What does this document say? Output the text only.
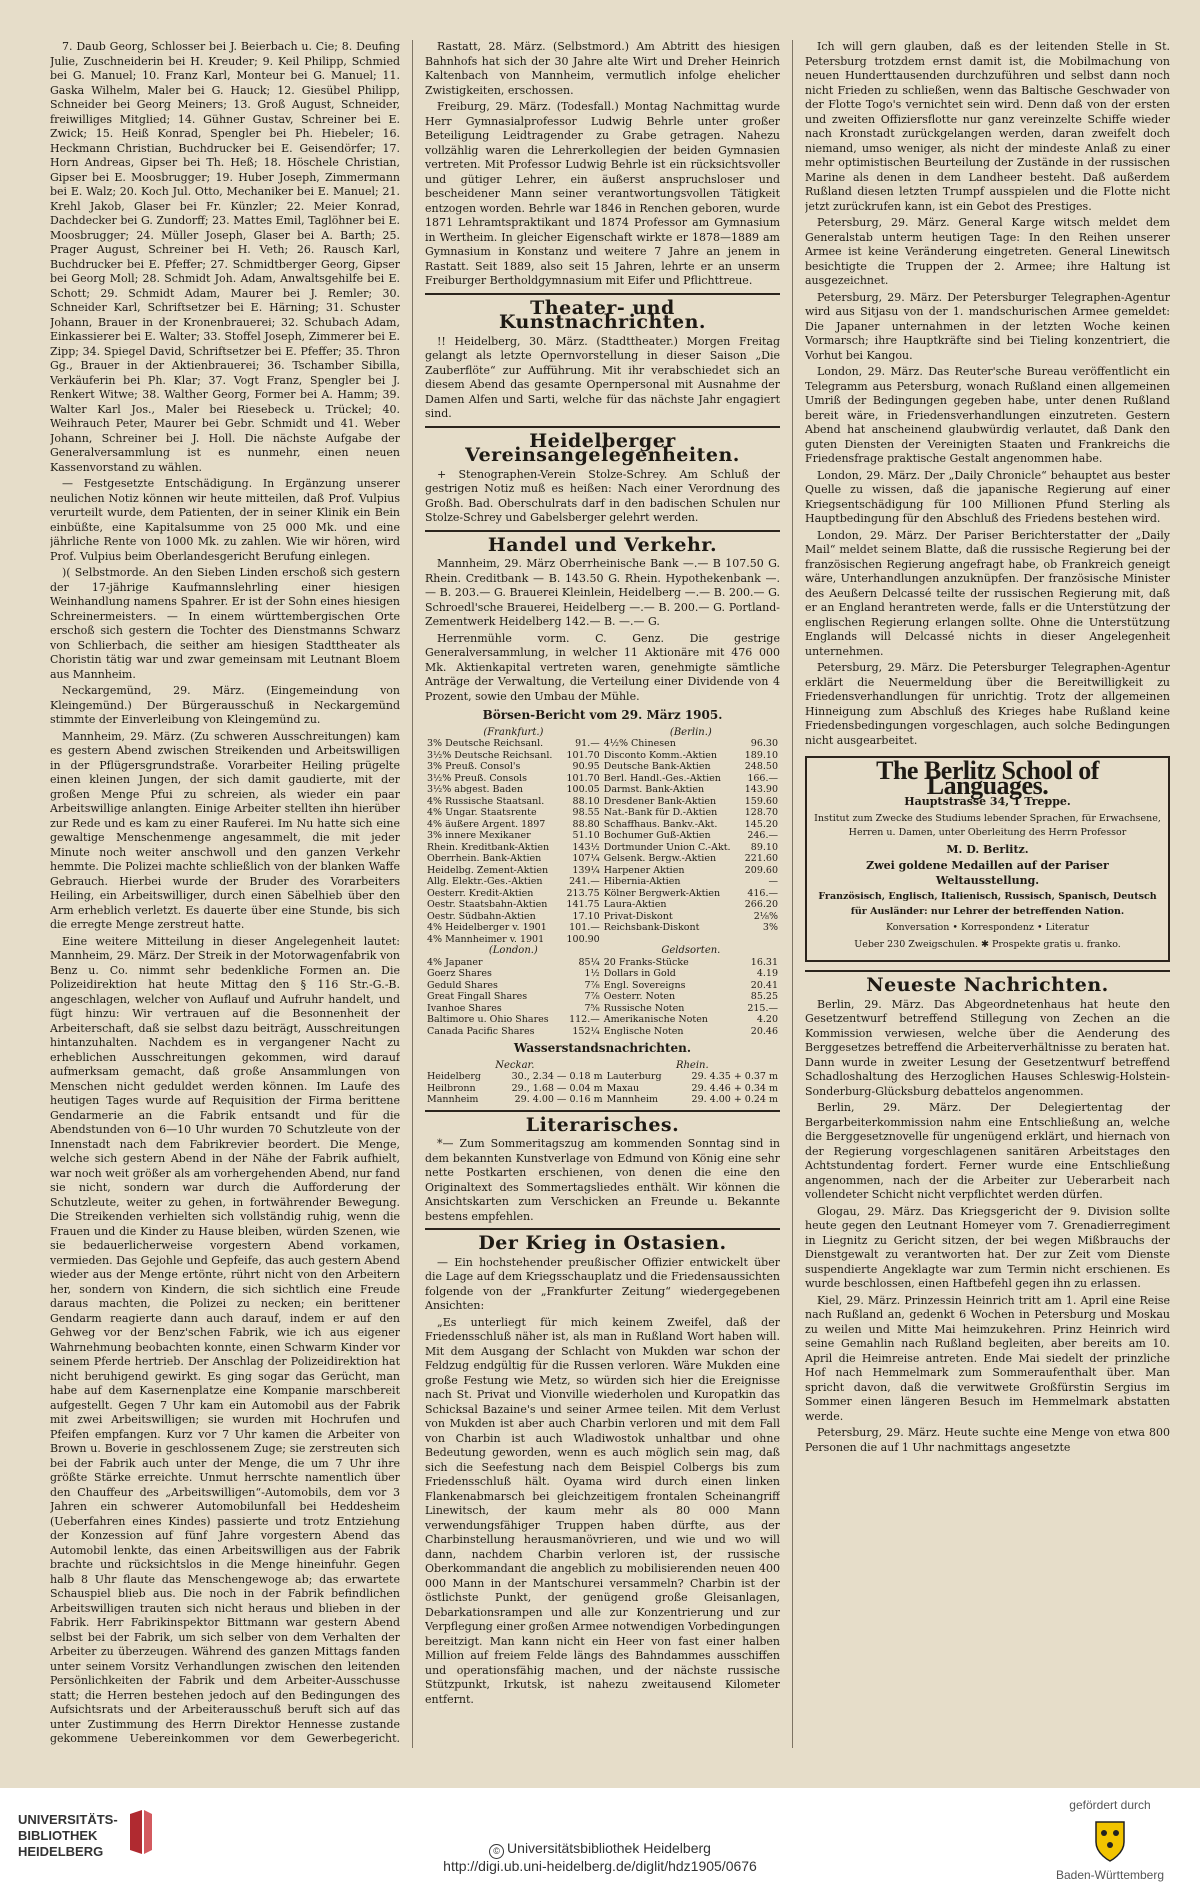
7. Daub Georg, Schlosser bei J. Beierbach u. Cie; 8. Deufing Julie, Zuschneiderin bei H. Kreuder; 9. Keil Philipp, Schmied bei G. Manuel; 10. Franz Karl, Monteur bei G. Manuel; 11. Gaska Wilhelm, Maler bei G. Hauck; 12. Giesübel Philipp, Schneider bei Georg Meiners; 13. Groß August, Schneider, freiwilliges Mitglied; 14. Gühner Gustav, Schreiner bei E. Zwick; 15. Heiß Konrad, Spengler bei Ph. Hiebeler; 16. Heckmann Christian, Buchdrucker bei E. Geisendörfer; 17. Horn Andreas, Gipser bei Th. Heß; 18. Höschele Christian, Gipser bei E. Moosbrugger; 19. Huber Joseph, Zimmermann bei E. Walz; 20. Koch Jul. Otto, Mechaniker bei E. Manuel; 21. Krehl Jakob, Glaser bei Fr. Künzler; 22. Meier Konrad, Dachdecker bei G. Zundorff; 23. Mattes Emil, Taglöhner bei E. Moosbrugger; 24. Müller Joseph, Glaser bei A. Barth; 25. Prager August, Schreiner bei H. Veth; 26. Rausch Karl, Buchdrucker bei E. Pfeffer; 27. Schmidtberger Georg, Gipser bei Georg Moll; 28. Schmidt Joh. Adam, Anwaltsgehilfe bei E. Schott; 29. Schmidt Adam, Maurer bei J. Remler; 30. Schneider Karl, Schriftsetzer bei E. Härning; 31. Schuster Johann, Brauer in der Kronenbrauerei; 32. Schubach Adam, Einkassierer bei E. Walter; 33. Stoffel Joseph, Zimmerer bei E. Zipp; 34. Spiegel David, Schriftsetzer bei E. Pfeffer; 35. Thron Gg., Brauer in der Aktienbrauerei; 36. Tschamber Sibilla, Verkäuferin bei Ph. Klar; 37. Vogt Franz, Spengler bei J. Renkert Witwe; 38. Walther Georg, Former bei A. Hamm; 39. Walter Karl Jos., Maler bei Riesebeck u. Trückel; 40. Weihrauch Peter, Maurer bei Gebr. Schmidt und 41. Weber Johann, Schreiner bei J. Holl. Die nächste Aufgabe der Generalversammlung ist es nunmehr, einen neuen Kassenvorstand zu wählen.

— Festgesetzte Entschädigung. In Ergänzung unserer neulichen Notiz können wir heute mitteilen, daß Prof. Vulpius verurteilt wurde, dem Patienten, der in seiner Klinik ein Bein einbüßte, eine Kapitalsumme von 25 000 Mk. und eine jährliche Rente von 1000 Mk. zu zahlen. Wie wir hören, wird Prof. Vulpius beim Oberlandesgericht Berufung einlegen.

)( Selbstmorde. An den Sieben Linden erschoß sich gestern der 17-jährige Kaufmannslehrling einer hiesigen Weinhandlung namens Spahrer. Er ist der Sohn eines hiesigen Schreinermeisters. — In einem württembergischen Orte erschoß sich gestern die Tochter des Dienstmanns Schwarz von Schlierbach, die seither am hiesigen Stadttheater als Choristin tätig war und zwar gemeinsam mit Leutnant Bloem aus Mannheim.

Neckargemünd, 29. März. (Eingemeindung von Kleingemünd.) Der Bürgerausschuß in Neckargemünd stimmte der Einverleibung von Kleingemünd zu.

Mannheim, 29. März. (Zu schweren Ausschreitungen) kam es gestern Abend zwischen Streikenden und Arbeitswilligen in der Pflügersgrundstraße. Vorarbeiter Heiling prügelte einen kleinen Jungen, der sich damit gaudierte, mit der großen Menge Pfui zu schreien, als wieder ein paar Arbeitswillige anlangten. Einige Arbeiter stellten ihn hierüber zur Rede und es kam zu einer Rauferei. Im Nu hatte sich eine gewaltige Menschenmenge angesammelt, die mit jeder Minute noch weiter anschwoll und den ganzen Verkehr hemmte. Die Polizei machte schließlich von der blanken Waffe Gebrauch. Hierbei wurde der Bruder des Vorarbeiters Heiling, ein Arbeitswilliger, durch einen Säbelhieb über den Arm erheblich verletzt. Es dauerte über eine Stunde, bis sich die erregte Menge zerstreut hatte.

Eine weitere Mitteilung in dieser Angelegenheit lautet: Mannheim, 29. März. Der Streik in der Motorwagenfabrik von Benz u. Co. nimmt sehr bedenkliche Formen an. Die Polizeidirektion hat heute Mittag den § 116 Str.-G.-B. angeschlagen, welcher von Auflauf und Aufruhr handelt, und fügt hinzu: Wir vertrauen auf die Besonnenheit der Arbeiterschaft, daß sie selbst dazu beiträgt, Ausschreitungen hintanzuhalten. Nachdem es in vergangener Nacht zu erheblichen Ausschreitungen gekommen, wird darauf aufmerksam gemacht, daß große Ansammlungen von Menschen nicht geduldet werden können. Im Laufe des heutigen Tages wurde auf Requisition der Firma berittene Gendarmerie an die Fabrik entsandt und für die Abendstunden von 6—10 Uhr wurden 70 Schutzleute von der Innenstadt nach dem Fabrikrevier beordert. Die Menge, welche sich gestern Abend in der Nähe der Fabrik aufhielt, war noch weit größer als am vorhergehenden Abend, nur fand sie nicht, sondern war durch die Aufforderung der Schutzleute, weiter zu gehen, in fortwährender Bewegung. Die Streikenden verhielten sich vollständig ruhig, wenn die Frauen und die Kinder zu Hause bleiben, würden Szenen, wie sie bedauerlicherweise vorgestern Abend vorkamen, vermieden. Das Gejohle und Gepfeife, das auch gestern Abend wieder aus der Menge ertönte, rührt nicht von den Arbeitern her, sondern von Kindern, die sich sichtlich eine Freude daraus machten, die Polizei zu necken; ein berittener Gendarm reagierte dann auch darauf, indem er auf den Gehweg vor der Benz'schen Fabrik, wie ich aus eigener Wahrnehmung beobachten konnte, einen Schwarm Kinder vor seinem Pferde hertrieb. Der Anschlag der Polizeidirektion hat nicht beruhigend gewirkt. Es ging sogar das Gerücht, man habe auf dem Kasernenplatze eine Kompanie marschbereit aufgestellt. Gegen 7 Uhr kam ein Automobil aus der Fabrik mit zwei Arbeitswilligen; sie wurden mit Hochrufen und Pfeifen empfangen. Kurz vor 7 Uhr kamen die Arbeiter von Brown u. Boverie in geschlossenem Zuge; sie zerstreuten sich bei der Fabrik auch unter der Menge, die um 7 Uhr ihre größte Stärke erreichte. Unmut herrschte namentlich über den Chauffeur des „Arbeitswilligen“-Automobils, dem vor 3 Jahren ein schwerer Automobilunfall bei Heddesheim (Ueberfahren eines Kindes) passierte und trotz Entziehung der Konzession auf fünf Jahre vorgestern Abend das Automobil lenkte, das einen Arbeitswilligen aus der Fabrik brachte und rücksichtslos in die Menge hineinfuhr. Gegen halb 8 Uhr flaute das Menschengewoge ab; das erwartete Schauspiel blieb aus. Die noch in der Fabrik befindlichen Arbeitswilligen trauten sich nicht heraus und blieben in der Fabrik. Herr Fabrikinspektor Bittmann war gestern Abend selbst bei der Fabrik, um sich selber von dem Verhalten der Arbeiter zu überzeugen. Während des ganzen Mittags fanden unter seinem Vorsitz Verhandlungen zwischen den leitenden Persönlichkeiten der Fabrik und dem Arbeiter-Ausschusse statt; die Herren bestehen jedoch auf den Bedingungen des Aufsichtsrats und der Arbeiterausschuß beruft sich auf das unter Zustimmung des Herrn Direktor Hennesse zustande gekommene Uebereinkommen vor dem Gewerbegericht.

Rastatt, 28. März. (Selbstmord.) Am Abtritt des hiesigen Bahnhofs hat sich der 30 Jahre alte Wirt und Dreher Heinrich Kaltenbach von Mannheim, vermutlich infolge ehelicher Zwistigkeiten, erschossen.

Freiburg, 29. März. (Todesfall.) Montag Nachmittag wurde Herr Gymnasialprofessor Ludwig Behrle unter großer Beteiligung Leidtragender zu Grabe getragen. Nahezu vollzählig waren die Lehrerkollegien der beiden Gymnasien vertreten. Mit Professor Ludwig Behrle ist ein rücksichtsvoller und gütiger Lehrer, ein äußerst anspruchsloser und bescheidener Mann seiner verantwortungsvollen Tätigkeit entzogen worden. Behrle war 1846 in Renchen geboren, wurde 1871 Lehramtspraktikant und 1874 Professor am Gymnasium in Wertheim. In gleicher Eigenschaft wirkte er 1878—1889 am Gymnasium in Konstanz und weitere 7 Jahre an jenem in Rastatt. Seit 1889, also seit 15 Jahren, lehrte er an unserm Freiburger Bertholdgymnasium mit Eifer und Pflichttreue.

Theater- und Kunstnachrichten.

!! Heidelberg, 30. März. (Stadttheater.) Morgen Freitag gelangt als letzte Opernvorstellung in dieser Saison „Die Zauberflöte“ zur Aufführung. Mit ihr verabschiedet sich an diesem Abend das gesamte Opernpersonal mit Ausnahme der Damen Alfen und Sarti, welche für das nächste Jahr engagiert sind.

Heidelberger Vereinsangelegenheiten.

+ Stenographen-Verein Stolze-Schrey. Am Schluß der gestrigen Notiz muß es heißen: Nach einer Verordnung des Großh. Bad. Oberschulrats darf in den badischen Schulen nur Stolze-Schrey und Gabelsberger gelehrt werden.

Handel und Verkehr.

Mannheim, 29. März Oberrheinische Bank —.— B 107.50 G. Rhein. Creditbank — B. 143.50 G. Rhein. Hypothekenbank —.— B. 203.— G. Brauerei Kleinlein, Heidelberg —.— B. 200.— G. Schroedl'sche Brauerei, Heidelberg —.— B. 200.— G. Portland-Zementwerk Heidelberg 142.— B. —.— G.

Herrenmühle vorm. C. Genz. Die gestrige Generalversammlung, in welcher 11 Aktionäre mit 476 000 Mk. Aktienkapital vertreten waren, genehmigte sämtliche Anträge der Verwaltung, die Verteilung einer Dividende von 4 Prozent, sowie den Umbau der Mühle.

Börsen-Bericht vom 29. März 1905.
(Frankfurt.)		(Berlin.)	
3% Deutsche Reichsanl.	91.—	4½% Chinesen	96.30
3½% Deutsche Reichsanl.	101.70	Disconto Komm.-Aktien	189.10
3% Preuß. Consol's	90.95	Deutsche Bank-Aktien	248.50
3½% Preuß. Consols	101.70	Berl. Handl.-Ges.-Aktien	166.—
3½% abgest. Baden	100.05	Darmst. Bank-Aktien	143.90
4% Russische Staatsanl.	88.10	Dresdener Bank-Aktien	159.60
4% Ungar. Staatsrente	98.55	Nat.-Bank für D.-Aktien	128.70
4% äußere Argent. 1897	88.80	Schaffhaus. Bankv.-Akt.	145.20
3% innere Mexikaner	51.10	Bochumer Guß-Aktien	246.—
Rhein. Kreditbank-Aktien	143½	Dortmunder Union C.-Akt.	89.10
Oberrhein. Bank-Aktien	107¼	Gelsenk. Bergw.-Aktien	221.60
Heidelbg. Zement-Aktien	139¼	Harpener Aktien	209.60
Allg. Elektr.-Ges.-Aktien	241.—	Hibernia-Aktien	—
Oesterr. Kredit-Aktien	213.75	Kölner Bergwerk-Aktien	416.—
Oestr. Staatsbahn-Aktien	141.75	Laura-Aktien	266.20
Oestr. Südbahn-Aktien	17.10	Privat-Diskont	2⅛%
4% Heidelberger v. 1901	101.—	Reichsbank-Diskont	3%
4% Mannheimer v. 1901	100.90		
(London.)		Geldsorten.	
4% Japaner	85¼	20 Franks-Stücke	16.31
Goerz Shares	1½	Dollars in Gold	4.19
Geduld Shares	7⅞	Engl. Sovereigns	20.41
Great Fingall Shares	7⅞	Oesterr. Noten	85.25
Ivanhoe Shares	7⅝	Russische Noten	215.—
Baltimore u. Ohio Shares	112.—	Amerikanische Noten	4.20
Canada Pacific Shares	152¼	Englische Noten	20.46
Wasserstandsnachrichten.
Neckar.		Rhein.	
Heidelberg	30., 2.34 — 0.18 m	Lauterburg	29. 4.35 + 0.37 m
Heilbronn	29., 1.68 — 0.04 m	Maxau	29. 4.46 + 0.34 m
Mannheim	29. 4.00 — 0.16 m	Mannheim	29. 4.00 + 0.24 m
Literarisches.

*— Zum Sommeritagszug am kommenden Sonntag sind in dem bekannten Kunstverlage von Edmund von König eine sehr nette Postkarten erschienen, von denen die eine den Originaltext des Sommertagsliedes enthält. Wir können die Ansichtskarten zum Verschicken an Freunde u. Bekannte bestens empfehlen.

Der Krieg in Ostasien.

— Ein hochstehender preußischer Offizier entwickelt über die Lage auf dem Kriegsschauplatz und die Friedensaussichten folgende von der „Frankfurter Zeitung“ wiedergegebenen Ansichten:

„Es unterliegt für mich keinem Zweifel, daß der Friedensschluß näher ist, als man in Rußland Wort haben will. Mit dem Ausgang der Schlacht von Mukden war schon der Feldzug endgültig für die Russen verloren. Wäre Mukden eine große Festung wie Metz, so würden sich hier die Ereignisse nach St. Privat und Vionville wiederholen und Kuropatkin das Schicksal Bazaine's und seiner Armee teilen. Mit dem Verlust von Mukden ist aber auch Charbin verloren und mit dem Fall von Charbin ist auch Wladiwostok unhaltbar und ohne Bedeutung geworden, wenn es auch möglich sein mag, daß sich die Seefestung nach dem Beispiel Colbergs bis zum Friedensschluß hält. Oyama wird durch einen linken Flankenabmarsch bei gleichzeitigem frontalen Scheinangriff Linewitsch, der kaum mehr als 80 000 Mann verwendungsfähiger Truppen haben dürfte, aus der Charbinstellung herausmanövrieren, und wie und wo will dann, nachdem Charbin verloren ist, der russische Oberkommandant die angeblich zu mobilisierenden neuen 400 000 Mann in der Mantschurei versammeln? Charbin ist der östlichste Punkt, der genügend große Gleisanlagen, Debarkationsrampen und alle zur Konzentrierung und zur Verpflegung einer großen Armee notwendigen Vorbedingungen bereitzigt. Man kann nicht ein Heer von fast einer halben Million auf freiem Felde längs des Bahndammes ausschiffen und operationsfähig machen, und der nächste russische Stützpunkt, Irkutsk, ist nahezu zweitausend Kilometer entfernt.

Ich will gern glauben, daß es der leitenden Stelle in St. Petersburg trotzdem ernst damit ist, die Mobilmachung von neuen Hunderttausenden durchzuführen und selbst dann noch nicht Frieden zu schließen, wenn das Baltische Geschwader von der Flotte Togo's vernichtet sein wird. Denn daß von der ersten und zweiten Offiziersflotte nur ganz vereinzelte Schiffe wieder nach Kronstadt zurückgelangen werden, daran zweifelt doch niemand, umso weniger, als nicht der mindeste Anlaß zu einer mehr optimistischen Beurteilung der Zustände in der russischen Marine als denen in dem Landheer besteht. Daß außerdem Rußland diesen letzten Trumpf ausspielen und die Flotte nicht jetzt zurückrufen kann, ist ein Gebot des Prestiges.

Petersburg, 29. März. General Karge witsch meldet dem Generalstab unterm heutigen Tage: In den Reihen unserer Armee ist keine Veränderung eingetreten. General Linewitsch besichtigte die Truppen der 2. Armee; ihre Haltung ist ausgezeichnet.

Petersburg, 29. März. Der Petersburger Telegraphen-Agentur wird aus Sitjasu von der 1. mandschurischen Armee gemeldet: Die Japaner unternahmen in der letzten Woche keinen Vormarsch; ihre Hauptkräfte sind bei Tieling konzentriert, die Vorhut bei Kangou.

London, 29. März. Das Reuter'sche Bureau veröffentlicht ein Telegramm aus Petersburg, wonach Rußland einen allgemeinen Umriß der Bedingungen gegeben habe, unter denen Rußland bereit wäre, in Friedensverhandlungen einzutreten. Gestern Abend hat anscheinend glaubwürdig verlautet, daß Dank den guten Diensten der Vereinigten Staaten und Frankreichs die Friedensfrage praktische Gestalt angenommen habe.

London, 29. März. Der „Daily Chronicle“ behauptet aus bester Quelle zu wissen, daß die japanische Regierung auf einer Kriegsentschädigung für 100 Millionen Pfund Sterling als Hauptbedingung für den Abschluß des Friedens bestehen wird.

London, 29. März. Der Pariser Berichterstatter der „Daily Mail“ meldet seinem Blatte, daß die russische Regierung bei der französischen Regierung angefragt habe, ob Frankreich geneigt wäre, Unterhandlungen anzuknüpfen. Der französische Minister des Aeußern Delcassé teilte der russischen Regierung mit, daß er an England herantreten werde, falls er die Unterstützung der englischen Regierung erlangen sollte. Ohne die Unterstützung Englands will Delcassé nichts in dieser Angelegenheit unternehmen.

Petersburg, 29. März. Die Petersburger Telegraphen-Agentur erklärt die Neuermeldung über die Bereitwilligkeit zu Friedensverhandlungen für unrichtig. Trotz der allgemeinen Hinneigung zum Abschluß des Krieges habe Rußland keine Friedensbedingungen vorgeschlagen, auch solche Bedingungen nicht ausgearbeitet.

The Berlitz School of Languages.
Hauptstrasse 34, 1 Treppe.
Institut zum Zwecke des Studiums lebender Sprachen, für Erwachsene, Herren u. Damen, unter Oberleitung des Herrn Professor
M. D. Berlitz.
Zwei goldene Medaillen auf der Pariser Weltausstellung.
Französisch, Englisch, Italienisch, Russisch, Spanisch, Deutsch für Ausländer: nur Lehrer der betreffenden Nation.
Konversation • Korrespondenz • Literatur
Ueber 230 Zweigschulen. ✱ Prospekte gratis u. franko.
Neueste Nachrichten.

Berlin, 29. März. Das Abgeordnetenhaus hat heute den Gesetzentwurf betreffend Stillegung von Zechen an die Kommission verwiesen, welche über die Aenderung des Berggesetzes betreffend die Arbeiterverhältnisse zu beraten hat. Dann wurde in zweiter Lesung der Gesetzentwurf betreffend Schadloshaltung des Herzoglichen Hauses Schleswig-Holstein-Sonderburg-Glücksburg debattelos angenommen.

Berlin, 29. März. Der Delegiertentag der Bergarbeiterkommission nahm eine Entschließung an, welche die Berggesetznovelle für ungenügend erklärt, und hiernach von der Regierung vorgeschlagenen sanitären Arbeitstages den Achtstundentag fordert. Ferner wurde eine Entschließung angenommen, nach der die Arbeiter zur Ueberarbeit nach vollendeter Schicht nicht verpflichtet werden dürfen.

Glogau, 29. März. Das Kriegsgericht der 9. Division sollte heute gegen den Leutnant Homeyer vom 7. Grenadierregiment in Liegnitz zu Gericht sitzen, der bei wegen Mißbrauchs der Dienstgewalt zu verantworten hat. Der zur Zeit vom Dienste suspendierte Angeklagte war zum Termin nicht erschienen. Es wurde beschlossen, einen Haftbefehl gegen ihn zu erlassen.

Kiel, 29. März. Prinzessin Heinrich tritt am 1. April eine Reise nach Rußland an, gedenkt 6 Wochen in Petersburg und Moskau zu weilen und Mitte Mai heimzukehren. Prinz Heinrich wird seine Gemahlin nach Rußland begleiten, aber bereits am 10. April die Heimreise antreten. Ende Mai siedelt der prinzliche Hof nach Hemmelmark zum Sommeraufenthalt über. Man spricht davon, daß die verwitwete Großfürstin Sergius im Sommer einen längeren Besuch im Hemmelmark abstatten werde.

Petersburg, 29. März. Heute suchte eine Menge von etwa 800 Personen die auf 1 Uhr nachmittags angesetzte

UNIVERSITÄTS-
BIBLIOTHEK
HEIDELBERG	© Universitätsbibliothek Heidelberg
http://digi.ub.uni-heidelberg.de/diglit/hdz1905/0676
gefördert durch
Baden-Württemberg
